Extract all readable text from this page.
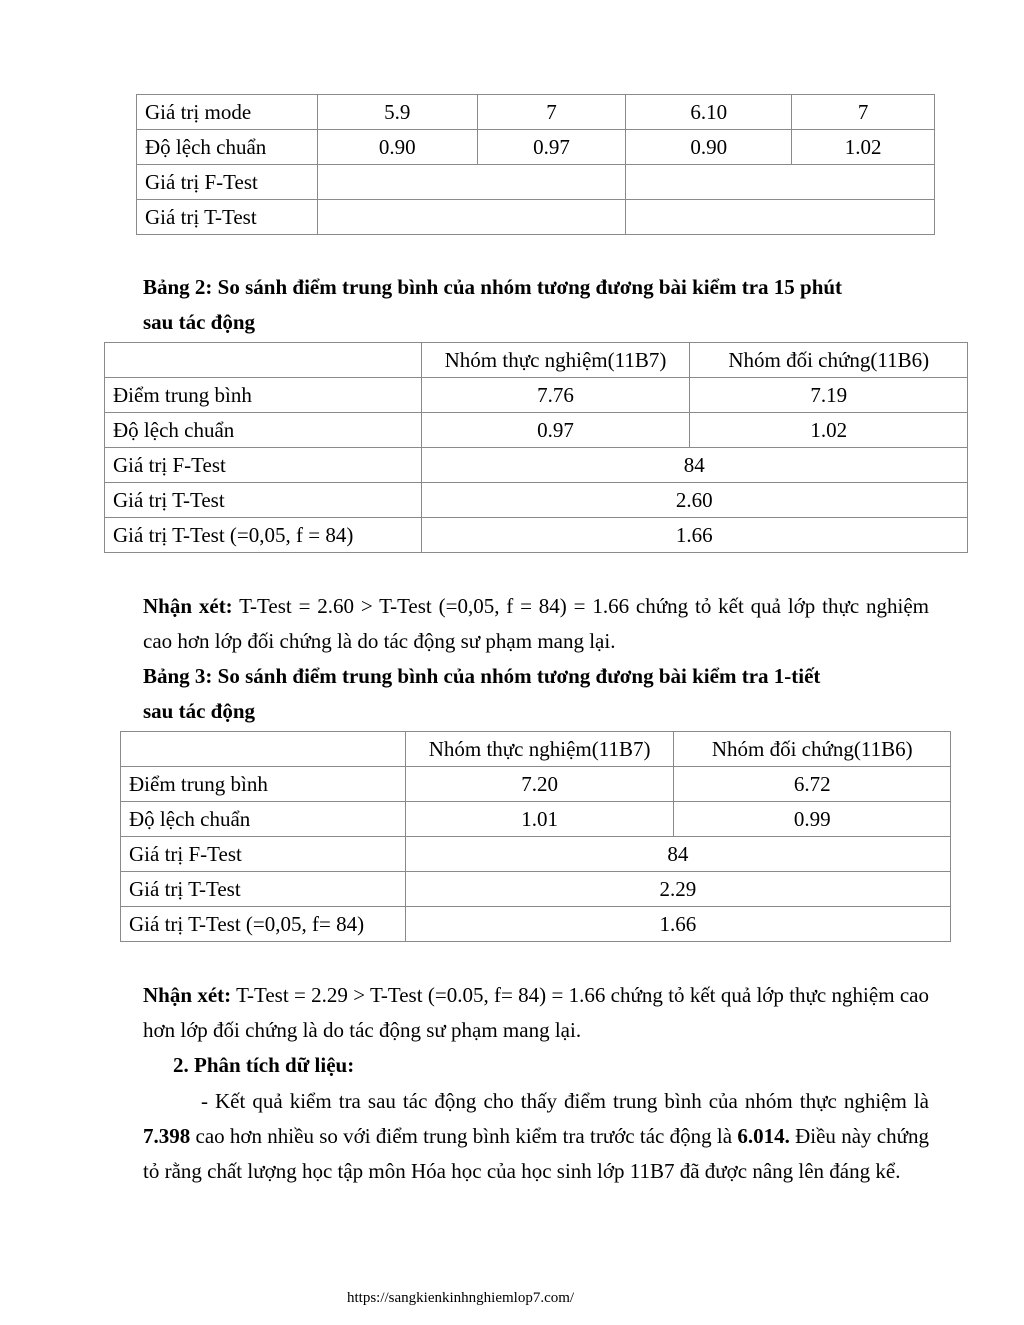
Giá trị mode	5.9	7	6.10	7
Độ lệch chuẩn	0.90	0.97	0.90	1.02
Giá trị F-Test				
Giá trị T-Test				
Bảng 2: So sánh điểm trung bình của nhóm tương đương bài kiểm tra 15 phút
sau tác động
	Nhóm thực nghiệm(11B7)	Nhóm đối chứng(11B6)
Điểm trung bình	7.76	7.19
Độ lệch chuẩn	0.97	1.02
Giá trị F-Test	84	
Giá trị T-Test	2.60	
Giá trị T-Test (=0,05, f = 84)	1.66	
Nhận xét: T-Test = 2.60 > T-Test (=0,05, f = 84) = 1.66 chứng tỏ kết quả lớp thực nghiệm cao hơn lớp đối chứng là do tác động sư phạm mang lại.
Bảng 3: So sánh điểm trung bình của nhóm tương đương bài kiểm tra 1-tiết
sau tác động
	Nhóm thực nghiệm(11B7)	Nhóm đối chứng(11B6)
Điểm trung bình	7.20	6.72
Độ lệch chuẩn	1.01	0.99
Giá trị F-Test	84	
Giá trị T-Test	2.29	
Giá trị T-Test (=0,05, f= 84)	1.66	
Nhận xét: T-Test = 2.29 > T-Test (=0.05, f= 84) = 1.66 chứng tỏ kết quả lớp thực nghiệm cao hơn lớp đối chứng là do tác động sư phạm mang lại.
2. Phân tích dữ liệu:
- Kết quả kiểm tra sau tác động cho thấy điểm trung bình của nhóm thực nghiệm là 7.398 cao hơn nhiều so với điểm trung bình kiểm tra trước tác động là 6.014. Điều này chứng tỏ rằng chất lượng học tập môn Hóa học của học sinh lớp 11B7 đã được nâng lên đáng kể.
https://sangkienkinhnghiemlop7.com/
